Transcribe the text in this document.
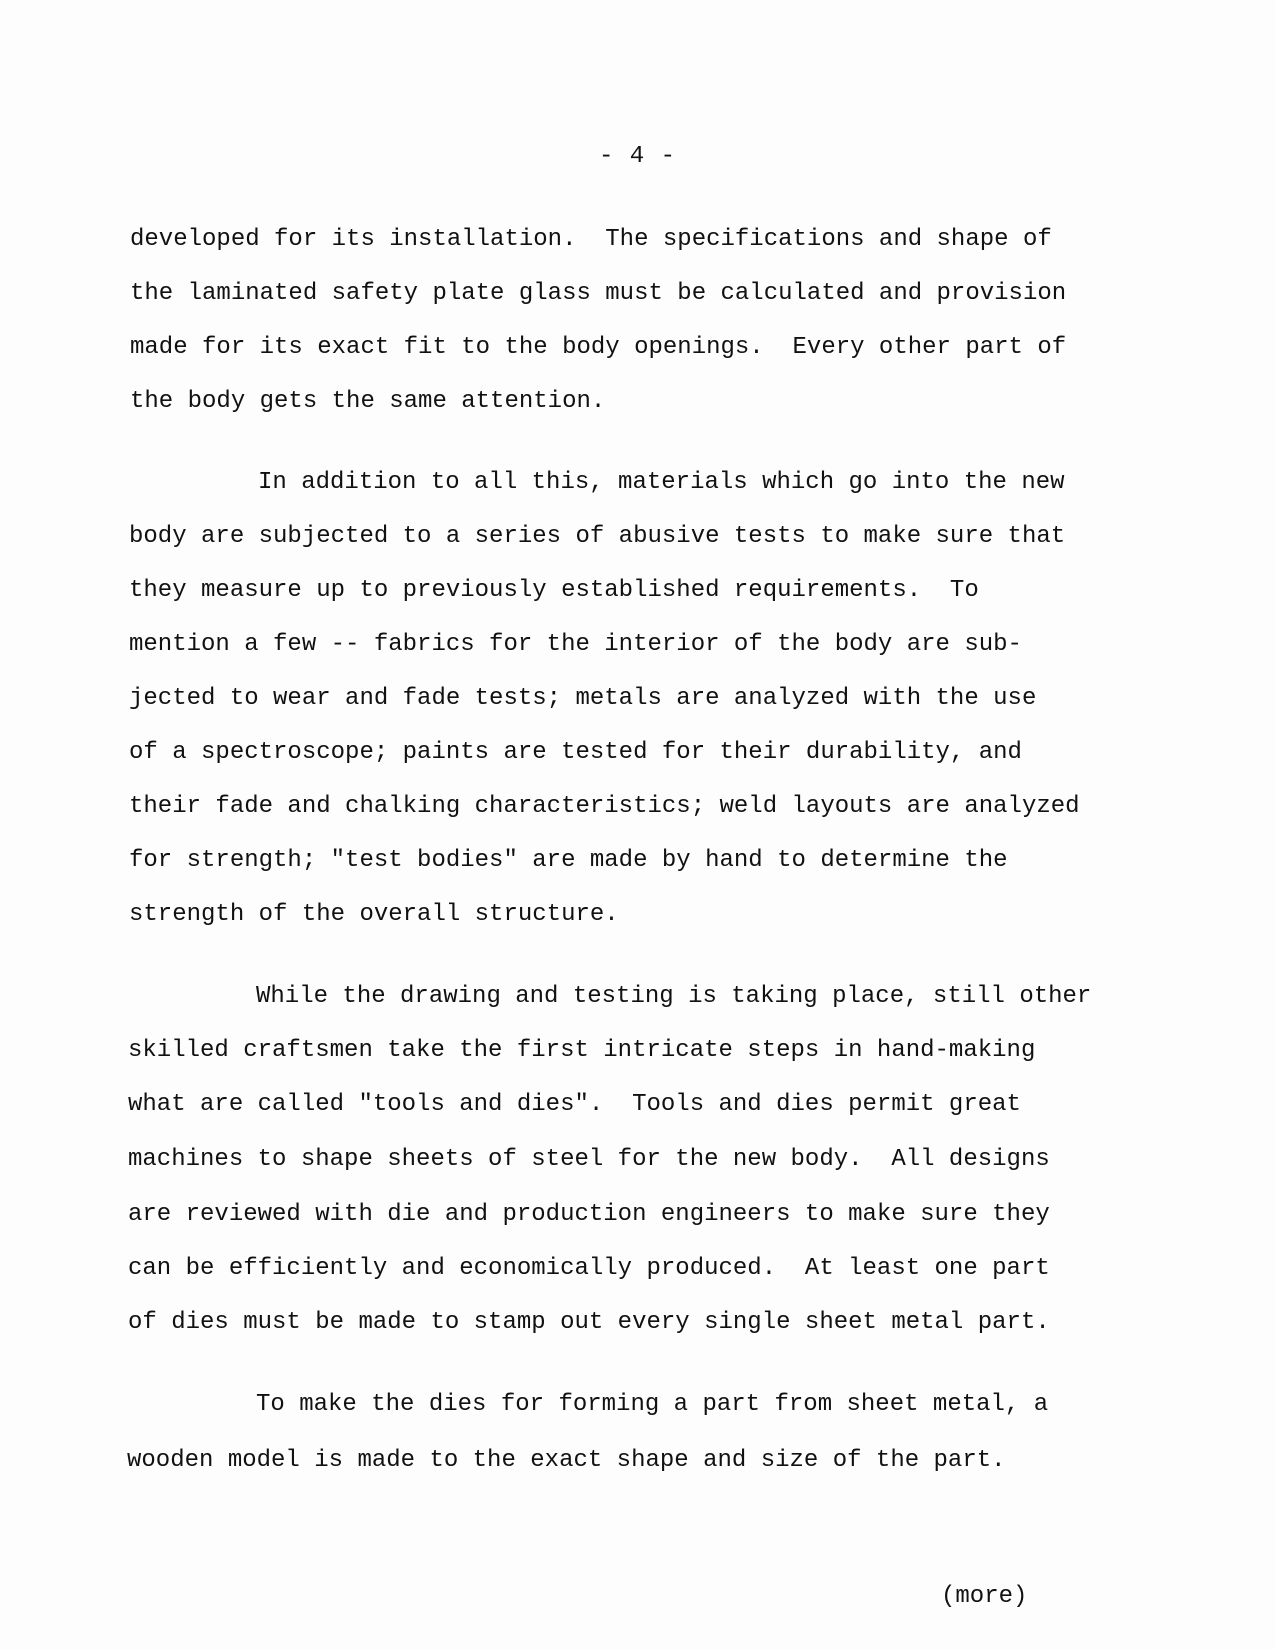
- 4 -
developed for its installation.  The specifications and shape of
the laminated safety plate glass must be calculated and provision
made for its exact fit to the body openings.  Every other part of
the body gets the same attention.
In addition to all this, materials which go into the new
body are subjected to a series of abusive tests to make sure that
they measure up to previously established requirements.  To
mention a few -- fabrics for the interior of the body are sub-
jected to wear and fade tests; metals are analyzed with the use
of a spectroscope; paints are tested for their durability, and
their fade and chalking characteristics; weld layouts are analyzed
for strength; "test bodies" are made by hand to determine the
strength of the overall structure.
While the drawing and testing is taking place, still other
skilled craftsmen take the first intricate steps in hand-making
what are called "tools and dies".  Tools and dies permit great
machines to shape sheets of steel for the new body.  All designs
are reviewed with die and production engineers to make sure they
can be efficiently and economically produced.  At least one part
of dies must be made to stamp out every single sheet metal part.
To make the dies for forming a part from sheet metal, a
wooden model is made to the exact shape and size of the part.
(more)
